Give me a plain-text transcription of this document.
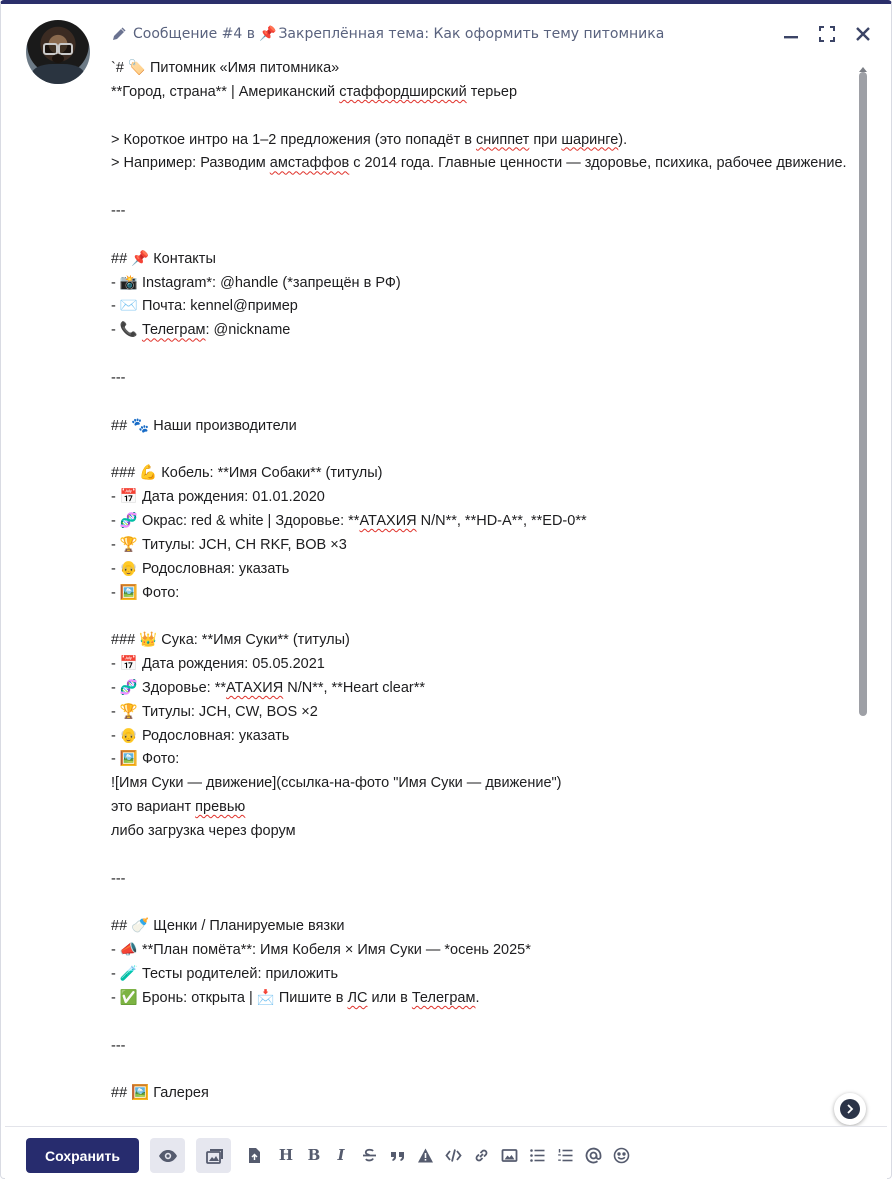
Сообщение #4 в 📌 Закреплённая тема: Как оформить тему питомника
`# 🏷️ Питомник «Имя питомника»
**Город, страна** | Американский стаффордширский терьер
> Короткое интро на 1–2 предложения (это попадёт в сниппет при шаринге).
> Например: Разводим амстаффов с 2014 года. Главные ценности — здоровье, психика, рабочее движение.
---
## 📌 Контакты
- 📸 Instagram*: @handle (*запрещён в РФ)
- ✉️ Почта: kennel@пример
- 📞 Телеграм: @nickname
---
## 🐾 Наши производители
### 💪 Кобель: **Имя Собаки** (титулы)
- 📅 Дата рождения: 01.01.2020
- 🧬 Окрас: red & white | Здоровье: **АТАХИЯ N/N**, **HD-A**, **ED-0**
- 🏆 Титулы: JCH, CH RKF, BOB ×3
- 👴 Родословная: указать
- 🖼️ Фото:
### 👑 Сука: **Имя Суки** (титулы)
- 📅 Дата рождения: 05.05.2021
- 🧬 Здоровье: **АТАХИЯ N/N**, **Heart clear**
- 🏆 Титулы: JCH, CW, BOS ×2
- 👴 Родословная: указать
- 🖼️ Фото:
![Имя Суки — движение](ссылка-на-фото "Имя Суки — движение")
это вариант превью
либо загрузка через форум
---
## 🍼 Щенки / Планируемые вязки
- 📣 **План помёта**: Имя Кобеля × Имя Суки — *осень 2025*
- 🧪 Тесты родителей: приложить
- ✅ Бронь: открыта | 📩 Пишите в ЛС или в Телеграм.
---
## 🖼️ Галерея
Сохранить	H B I
